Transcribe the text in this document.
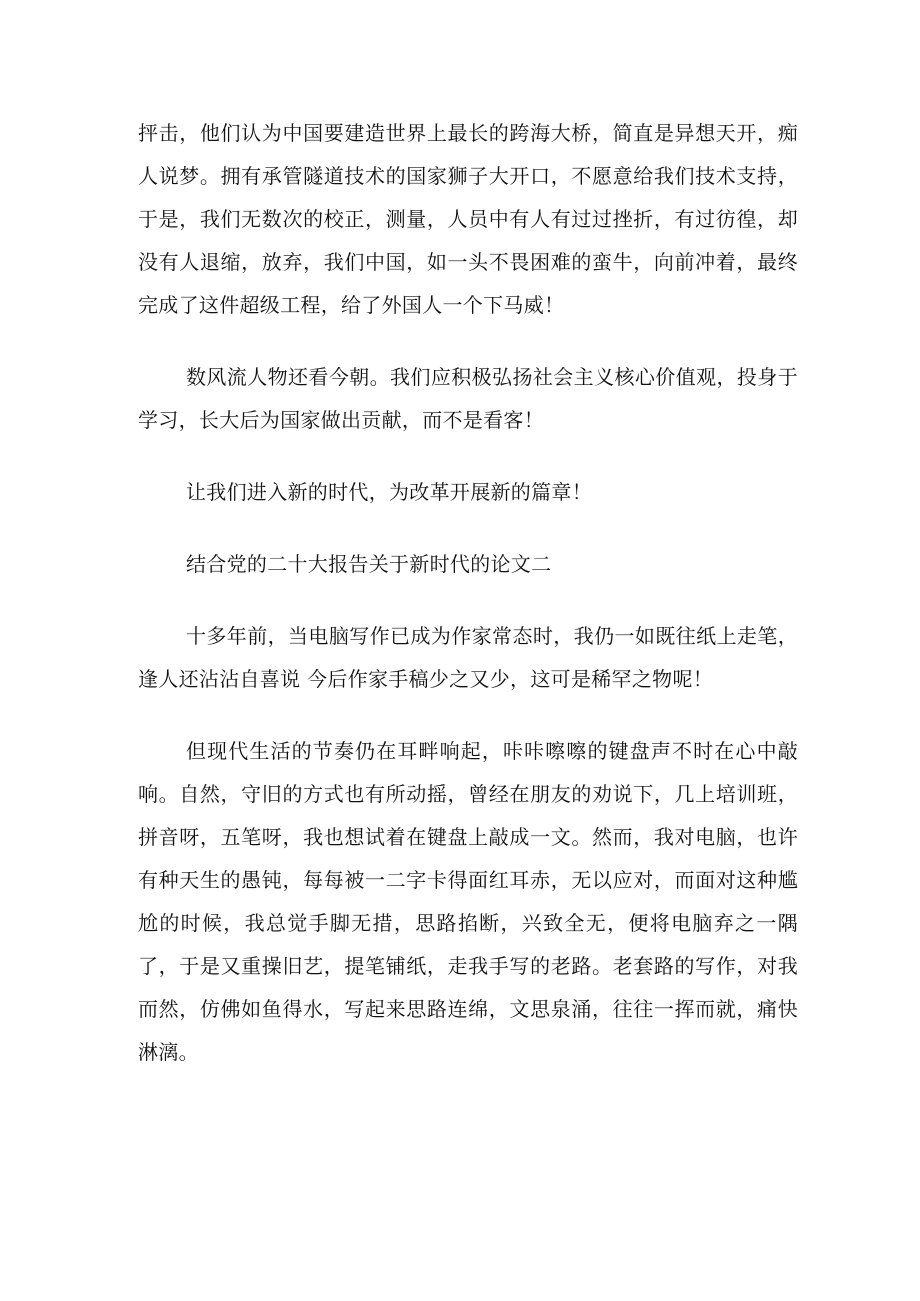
抨击，他们认为中国要建造世界上最长的跨海大桥，简直是异想天开，痴人说梦。拥有承管隧道技术的国家狮子大开口，不愿意给我们技术支持，于是，我们无数次的校正，测量，人员中有人有过过挫折，有过彷徨，却没有人退缩，放弃，我们中国，如一头不畏困难的蛮牛，向前冲着，最终完成了这件超级工程，给了外国人一个下马威！

数风流人物还看今朝。我们应积极弘扬社会主义核心价值观，投身于学习，长大后为国家做出贡献，而不是看客！

让我们进入新的时代，为改革开展新的篇章！

结合党的二十大报告关于新时代的论文二

十多年前，当电脑写作已成为作家常态时，我仍一如既往纸上走笔，逢人还沾沾自喜说 今后作家手稿少之又少，这可是稀罕之物呢！

但现代生活的节奏仍在耳畔响起，咔咔嚓嚓的键盘声不时在心中敲响。自然，守旧的方式也有所动摇，曾经在朋友的劝说下，几上培训班，拼音呀，五笔呀，我也想试着在键盘上敲成一文。然而，我对电脑，也许有种天生的愚钝，每每被一二字卡得面红耳赤，无以应对，而面对这种尴尬的时候，我总觉手脚无措，思路掐断，兴致全无，便将电脑弃之一隅了，于是又重操旧艺，提笔铺纸，走我手写的老路。老套路的写作，对我而然，仿佛如鱼得水，写起来思路连绵，文思泉涌，往往一挥而就，痛快淋漓。
